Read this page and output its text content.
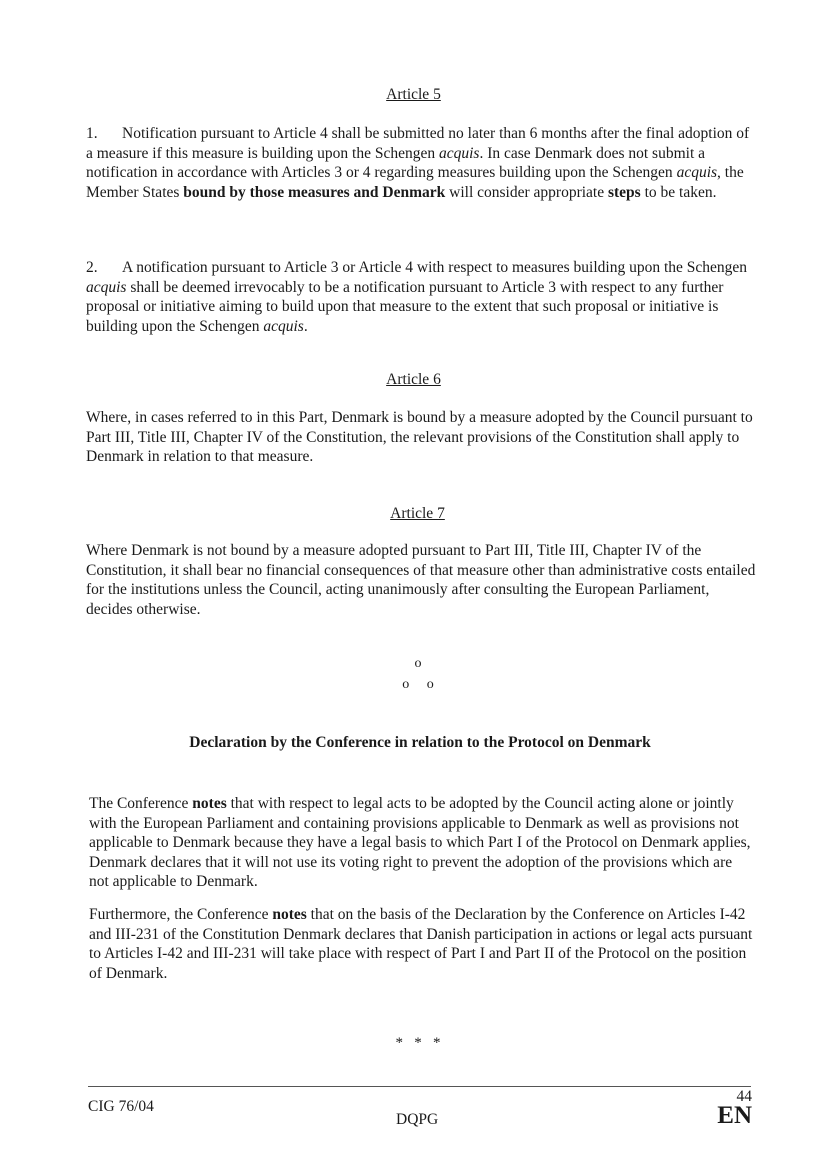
Article 5
1. Notification pursuant to Article 4 shall be submitted no later than 6 months after the final adoption of a measure if this measure is building upon the Schengen acquis. In case Denmark does not submit a notification in accordance with Articles 3 or 4 regarding measures building upon the Schengen acquis, the Member States bound by those measures and Denmark will consider appropriate steps to be taken.
2. A notification pursuant to Article 3 or Article 4 with respect to measures building upon the Schengen acquis shall be deemed irrevocably to be a notification pursuant to Article 3 with respect to any further proposal or initiative aiming to build upon that measure to the extent that such proposal or initiative is building upon the Schengen acquis.
Article 6
Where, in cases referred to in this Part, Denmark is bound by a measure adopted by the Council pursuant to Part III, Title III, Chapter IV of the Constitution, the relevant provisions of the Constitution shall apply to Denmark in relation to that measure.
Article 7
Where Denmark is not bound by a measure adopted pursuant to Part III, Title III, Chapter IV of the Constitution, it shall bear no financial consequences of that measure other than administrative costs entailed for the institutions unless the Council, acting unanimously after consulting the European Parliament, decides otherwise.
o
o     o
Declaration by the Conference in relation to the Protocol on Denmark
The Conference notes that with respect to legal acts to be adopted by the Council acting alone or jointly with the European Parliament and containing provisions applicable to Denmark as well as provisions not applicable to Denmark because they have a legal basis to which Part I of the Protocol on Denmark applies, Denmark declares that it will not use its voting right to prevent the adoption of the provisions which are not applicable to Denmark.
Furthermore, the Conference notes that on the basis of the Declaration by the Conference on Articles I-42 and III-231 of the Constitution Denmark declares that Danish participation in actions or legal acts pursuant to Articles I-42 and III-231 will take place with respect of Part I and Part II of the Protocol on the position of Denmark.
*   *   *
CIG 76/04
44
DQPG	EN
